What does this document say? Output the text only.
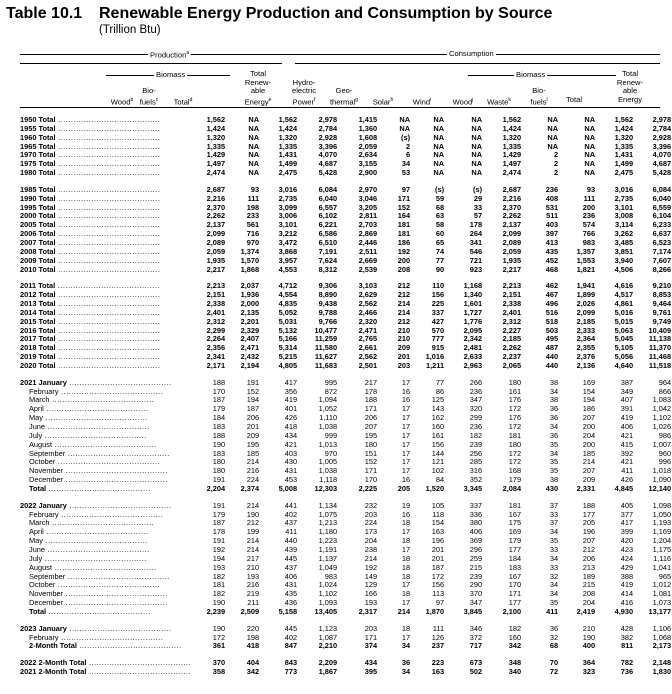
Table 10.1 Renewable Energy Production and Consumption by Source
(Trillion Btu)
Production$^a$	Consumption
Biomass	Biomass
Wood$^b$
Bio-
fuels$^c$	Total$^d$
Total
Renew-
able
Energy$^e$
Hydro-
electric
Power$^f$
Geo-
thermal$^g$	Solar$^h$	Wind$^i$	Wood$^j$	Waste$^k$
Bio-
fuels$^l$	Total
Total
Renew-
able
Energy
1950 Total ........................................	1,562	NA	1,562	2,978	1,415	NA	NA	NA	1,562	NA	NA	1,562	2,978
1955 Total ........................................	1,424	NA	1,424	2,784	1,360	NA	NA	NA	1,424	NA	NA	1,424	2,784
1960 Total ........................................	1,320	NA	1,320	2,928	1,608	(s)	NA	NA	1,320	NA	NA	1,320	2,928
1965 Total ........................................	1,335	NA	1,335	3,396	2,059	2	NA	NA	1,335	NA	NA	1,335	3,396
1970 Total ........................................	1,429	NA	1,431	4,070	2,634	6	NA	NA	1,429	2	NA	1,431	4,070
1975 Total ........................................	1,497	NA	1,499	4,687	3,155	34	NA	NA	1,497	2	NA	1,499	4,687
1980 Total ........................................	2,474	NA	2,475	5,428	2,900	53	NA	NA	2,474	2	NA	2,475	5,428

1985 Total ........................................	2,687	93	3,016	6,084	2,970	97	(s)	(s)	2,687	236	93	3,016	6,084
1990 Total ........................................	2,216	111	2,735	6,040	3,046	171	59	29	2,216	408	111	2,735	6,040
1995 Total ........................................	2,370	198	3,099	6,557	3,205	152	68	33	2,370	531	200	3,101	6,559
2000 Total ........................................	2,262	233	3,006	6,102	2,811	164	63	57	2,262	511	236	3,008	6,104
2005 Total ........................................	2,137	561	3,101	6,221	2,703	181	58	178	2,137	403	574	3,114	6,233
2006 Total ........................................	2,099	716	3,212	6,586	2,869	181	60	264	2,099	397	766	3,262	6,637
2007 Total ........................................	2,089	970	3,472	6,510	2,446	186	65	341	2,089	413	983	3,485	6,523
2008 Total ........................................	2,059	1,374	3,868	7,191	2,511	192	74	546	2,059	435	1,357	3,851	7,174
2009 Total ........................................	1,935	1,570	3,957	7,624	2,669	200	77	721	1,935	452	1,553	3,940	7,607
2010 Total ........................................	2,217	1,868	4,553	8,312	2,539	208	90	923	2,217	468	1,821	4,506	8,266

2011 Total ........................................	2,213	2,037	4,712	9,306	3,103	212	110	1,168	2,213	462	1,941	4,616	9,210
2012 Total ........................................	2,151	1,936	4,554	8,890	2,629	212	156	1,340	2,151	467	1,899	4,517	8,853
2013 Total ........................................	2,338	2,000	4,835	9,438	2,562	214	225	1,601	2,338	496	2,026	4,861	9,464
2014 Total ........................................	2,401	2,135	5,052	9,788	2,466	214	337	1,727	2,401	516	2,099	5,016	9,761
2015 Total ........................................	2,312	2,201	5,031	9,766	2,320	212	427	1,776	2,312	518	2,185	5,015	9,749
2016 Total ........................................	2,299	2,329	5,132	10,477	2,471	210	570	2,095	2,227	503	2,333	5,063	10,409
2017 Total ........................................	2,264	2,407	5,166	11,259	2,765	210	777	2,342	2,185	495	2,364	5,045	11,138
2018 Total ........................................	2,356	2,471	5,314	11,580	2,661	209	915	2,481	2,262	487	2,355	5,105	11,370
2019 Total ........................................	2,341	2,432	5,215	11,627	2,562	201	1,016	2,633	2,237	440	2,376	5,056	11,468
2020 Total ........................................	2,171	2,194	4,805	11,683	2,501	203	1,211	2,963	2,065	440	2,136	4,640	11,518

2021 January ........................................	188	191	417	995	217	17	77	266	180	38	169	387	964
February ........................................	170	152	356	872	178	16	86	236	161	34	154	349	866
March ........................................	187	194	419	1,094	188	16	125	347	176	38	194	407	1,083
April ........................................	179	187	401	1,052	171	17	143	320	172	36	186	391	1,042
May ........................................	184	206	426	1,110	206	17	162	299	176	36	207	419	1,102
June ........................................	183	201	418	1,038	207	17	160	236	172	34	200	406	1,026
July ........................................	188	209	434	999	195	17	161	182	181	36	204	421	986
August ........................................	190	195	421	1,013	180	17	156	239	180	35	200	415	1,007
September ........................................	183	185	403	970	151	17	144	256	172	34	185	392	960
October ........................................	180	214	430	1,005	152	17	121	285	172	35	214	421	996
November ........................................	180	216	431	1,038	171	17	102	316	168	35	207	411	1,018
December ........................................	191	224	453	1,118	170	16	84	352	179	38	209	426	1,090
Total ........................................	2,204	2,374	5,008	12,303	2,225	205	1,520	3,345	2,084	430	2,331	4,845	12,140

2022 January ........................................	191	214	441	1,134	232	19	105	337	181	37	188	405	1,098
February ........................................	179	190	402	1,075	203	16	118	336	167	33	177	377	1,050
March ........................................	187	212	437	1,213	224	18	154	380	175	37	205	417	1,193
April ........................................	178	199	411	1,180	173	17	163	406	169	34	196	399	1,169
May ........................................	191	214	440	1,223	204	18	196	369	179	35	207	420	1,204
June ........................................	192	214	439	1,191	238	17	201	296	177	33	212	423	1,175
July ........................................	194	217	445	1,137	214	18	201	259	184	34	206	424	1,116
August ........................................	193	210	437	1,049	192	18	187	215	183	33	213	429	1,041
September ........................................	182	193	406	983	149	18	172	239	167	32	189	388	965
October ........................................	181	216	431	1,024	129	17	156	290	170	34	215	419	1,012
November ........................................	182	219	435	1,102	166	18	113	370	171	34	208	414	1,081
December ........................................	190	211	436	1,093	193	17	97	347	177	35	204	416	1,073
Total ........................................	2,239	2,509	5,158	13,405	2,317	214	1,870	3,845	2,100	411	2,419	4,930	13,177

2023 January ........................................	190	220	445	1,123	203	18	111	346	182	36	210	428	1,106
February ........................................	172	198	402	1,087	171	17	126	372	160	32	190	382	1,068
2-Month Total ........................................	361	418	847	2,210	374	34	237	717	342	68	400	811	2,173

2022 2-Month Total ........................................	370	404	843	2,209	434	36	223	673	348	70	364	782	2,148
2021 2-Month Total ........................................	358	342	773	1,867	395	34	163	502	340	72	323	736	1,830
